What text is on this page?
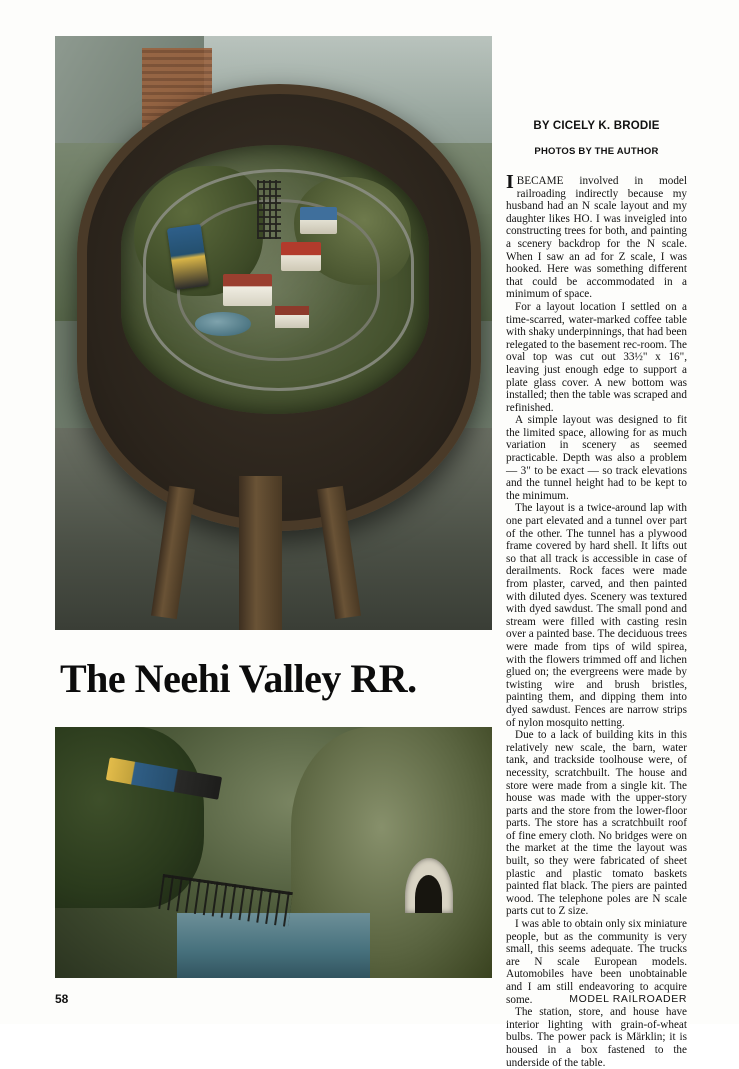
The Neehi Valley RR.
BY CICELY K. BRODIE
PHOTOS BY THE AUTHOR

IBECAME involved in model railroading indirectly because my husband had an N scale layout and my daughter likes HO. I was inveigled into constructing trees for both, and painting a scenery backdrop for the N scale. When I saw an ad for Z scale, I was hooked. Here was something different that could be accommodated in a minimum of space.

For a layout location I settled on a time-scarred, water-marked coffee table with shaky underpinnings, that had been relegated to the basement rec-room. The oval top was cut out 33½" x 16", leaving just enough edge to support a plate glass cover. A new bottom was installed; then the table was scraped and refinished.

A simple layout was designed to fit the limited space, allowing for as much variation in scenery as seemed practicable. Depth was also a problem — 3" to be exact — so track elevations and the tunnel height had to be kept to the minimum.

The layout is a twice-around lap with one part elevated and a tunnel over part of the other. The tunnel has a plywood frame covered by hard shell. It lifts out so that all track is accessible in case of derailments. Rock faces were made from plaster, carved, and then painted with diluted dyes. Scenery was textured with dyed sawdust. The small pond and stream were filled with casting resin over a painted base. The deciduous trees were made from tips of wild spirea, with the flowers trimmed off and lichen glued on; the evergreens were made by twisting wire and brush bristles, painting them, and dipping them into dyed sawdust. Fences are narrow strips of nylon mosquito netting.

Due to a lack of building kits in this relatively new scale, the barn, water tank, and trackside toolhouse were, of necessity, scratchbuilt. The house and store were made from a single kit. The house was made with the upper-story parts and the store from the lower-floor parts. The store has a scratchbuilt roof of fine emery cloth. No bridges were on the market at the time the layout was built, so they were fabricated of sheet plastic and plastic tomato baskets painted flat black. The piers are painted wood. The telephone poles are N scale parts cut to Z size.

I was able to obtain only six miniature people, but as the community is very small, this seems adequate. The trucks are N scale European models. Automobiles have been unobtainable and I am still endeavoring to acquire some.

The station, store, and house have interior lighting with grain-of-wheat bulbs. The power pack is Märklin; it is housed in a box fastened to the underside of the table.

58	MODEL RAILROADER
